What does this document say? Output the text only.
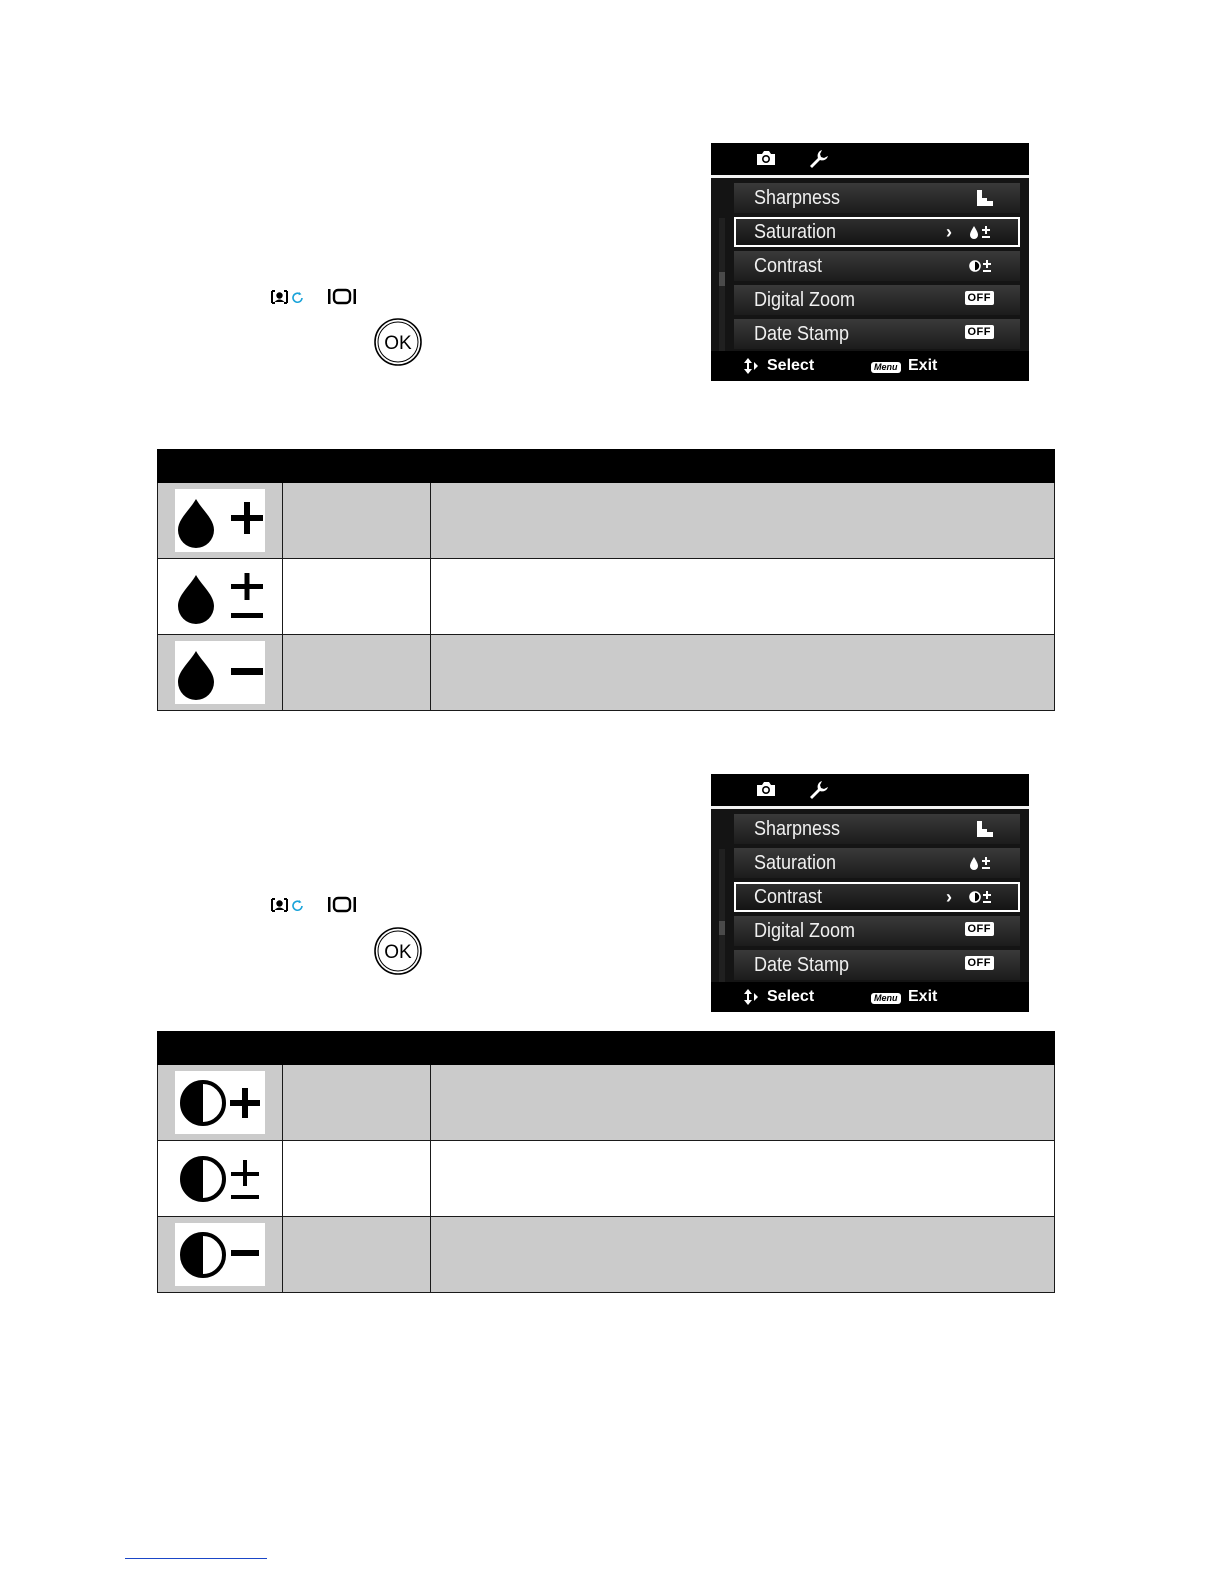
OK
Sharpness
Saturation	›
Contrast
Digital Zoom	OFF
Date Stamp	OFF
Select	Menu Exit

OK
Sharpness
Saturation
Contrast	›
Digital Zoom	OFF
Date Stamp	OFF
Select	Menu Exit
